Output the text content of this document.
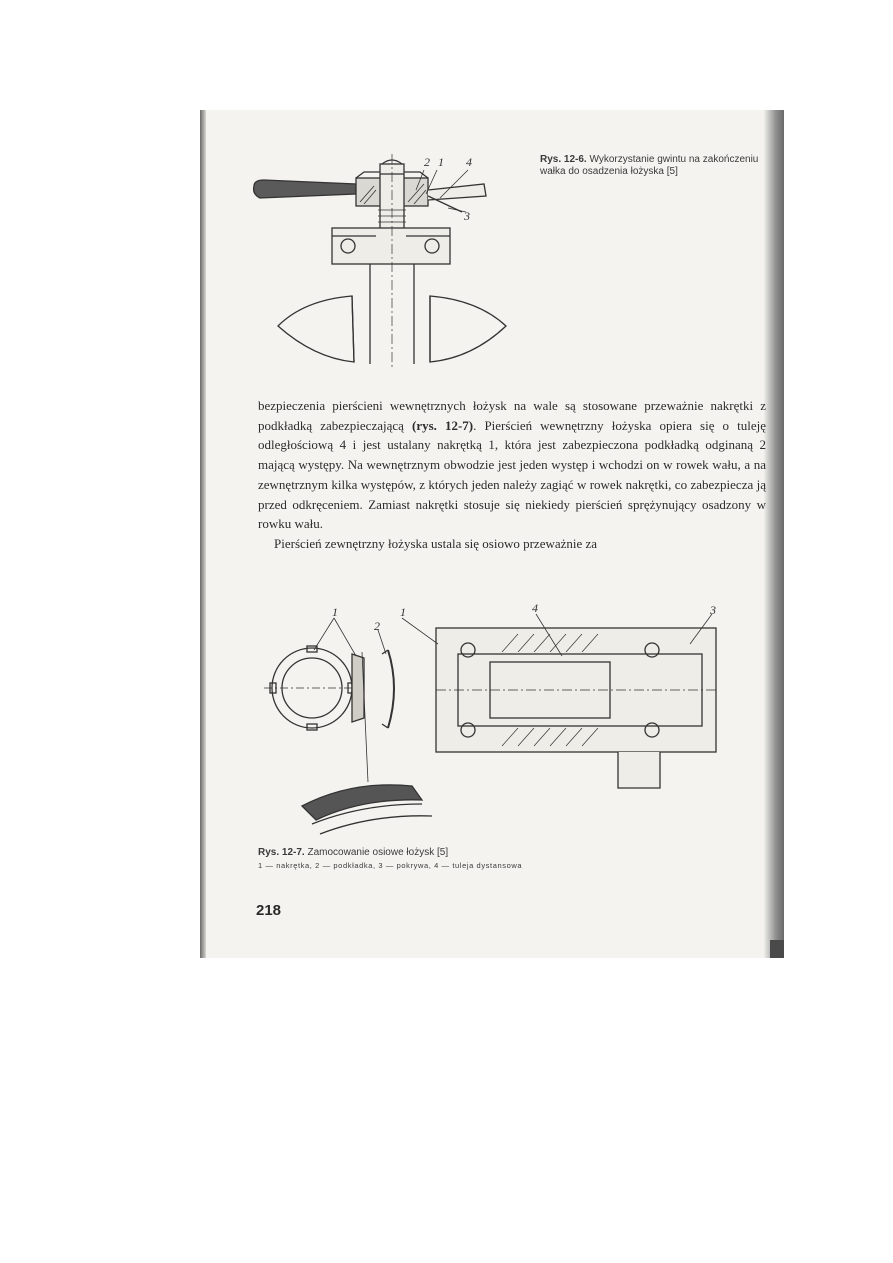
2 1 4
3
Rys. 12-6. Wykorzystanie gwintu na zakończeniu wałka do osadzenia łożyska [5]

bezpieczenia pierścieni wewnętrznych łożysk na wale są stosowane przeważnie nakrętki z podkładką zabezpieczającą (rys. 12-7). Pierścień wewnętrzny łożyska opiera się o tuleję odległościową 4 i jest ustalany nakrętką 1, która jest zabezpieczona podkładką odginaną 2 mającą występy. Na wewnętrznym obwodzie jest jeden występ i wchodzi on w rowek wału, a na zewnętrznym kilka występów, z których jeden należy zagiąć w rowek nakrętki, co zabezpiecza ją przed odkręceniem. Zamiast nakrętki stosuje się niekiedy pierścień sprężynujący osadzony w rowku wału.

Pierścień zewnętrzny łożyska ustala się osiowo przeważnie za

1
2
1	4	3
Rys. 12-7. Zamocowanie osiowe łożysk [5]
1 — nakrętka, 2 — podkładka, 3 — pokrywa, 4 — tuleja dystansowa
218
